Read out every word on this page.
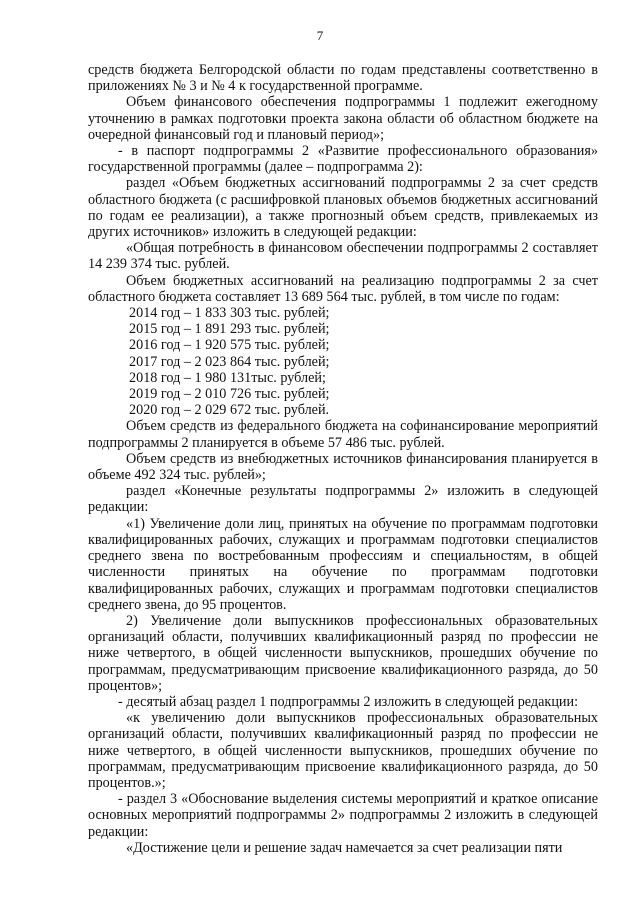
7

средств бюджета Белгородской области по годам представлены соответственно в приложениях № 3 и № 4 к государственной программе.

Объем финансового обеспечения подпрограммы 1 подлежит ежегодному уточнению в рамках подготовки проекта закона области об областном бюджете на очередной финансовый год и плановый период»;

- в паспорт подпрограммы 2 «Развитие профессионального образования» государственной программы (далее – подпрограмма 2):

раздел «Объем бюджетных ассигнований подпрограммы 2 за счет средств областного бюджета (с расшифровкой плановых объемов бюджетных ассигнований по годам ее реализации), а также прогнозный объем средств, привлекаемых из других источников» изложить в следующей редакции:

«Общая потребность в финансовом обеспечении подпрограммы 2 составляет 14 239 374 тыс. рублей.

Объем бюджетных ассигнований на реализацию подпрограммы 2 за счет областного бюджета составляет 13 689 564 тыс. рублей, в том числе по годам:

2014 год – 1 833 303 тыс. рублей;

2015 год – 1 891 293 тыс. рублей;

2016 год – 1 920 575 тыс. рублей;

2017 год – 2 023 864 тыс. рублей;

2018 год – 1 980 131тыс. рублей;

2019 год – 2 010 726 тыс. рублей;

2020 год – 2 029 672 тыс. рублей.

Объем средств из федерального бюджета на софинансирование мероприятий подпрограммы 2 планируется в объеме 57 486 тыс. рублей.

Объем средств из внебюджетных источников финансирования планируется в объеме 492 324 тыс. рублей»;

раздел «Конечные результаты подпрограммы 2» изложить в следующей редакции:

«1) Увеличение доли лиц, принятых на обучение по программам подготовки квалифицированных рабочих, служащих и программам подготовки специалистов среднего звена по востребованным профессиям и специальностям, в общей численности принятых на обучение по программам подготовки квалифицированных рабочих, служащих и программам подготовки специалистов среднего звена, до 95 процентов.

2) Увеличение доли выпускников профессиональных образовательных организаций области, получивших квалификационный разряд по профессии не ниже четвертого, в общей численности выпускников, прошедших обучение по программам, предусматривающим присвоение квалификационного разряда, до 50 процентов»;

- десятый абзац раздел 1 подпрограммы 2 изложить в следующей редакции:

«к увеличению доли выпускников профессиональных образовательных организаций области, получивших квалификационный разряд по профессии не ниже четвертого, в общей численности выпускников, прошедших обучение по программам, предусматривающим присвоение квалификационного разряда, до 50 процентов.»;

- раздел 3 «Обоснование выделения системы мероприятий и краткое описание основных мероприятий подпрограммы 2» подпрограммы 2 изложить в следующей редакции:

«Достижение цели и решение задач намечается за счет реализации пяти
